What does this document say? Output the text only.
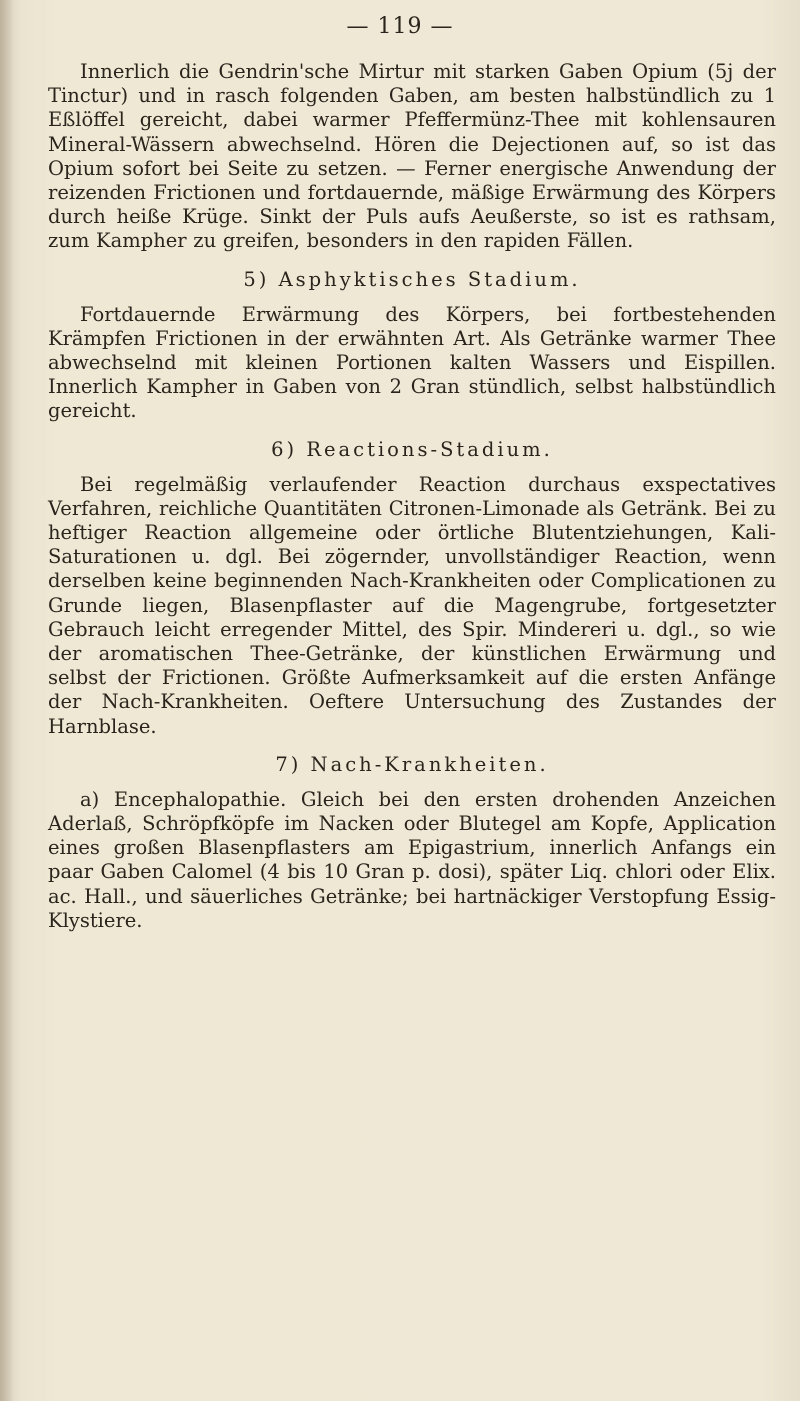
— 119 —

Innerlich die Gendrin'sche Mirtur mit starken Gaben Opium (5j der Tinctur) und in rasch folgenden Gaben, am besten halbstündlich zu 1 Eßlöffel gereicht, dabei warmer Pfeffermünz-Thee mit kohlensauren Mineral-Wässern abwechselnd. Hören die Dejectionen auf, so ist das Opium sofort bei Seite zu setzen. — Ferner energische Anwendung der reizenden Frictionen und fortdauernde, mäßige Erwärmung des Körpers durch heiße Krüge. Sinkt der Puls aufs Aeußerste, so ist es rathsam, zum Kampher zu greifen, besonders in den rapiden Fällen.

5) Asphyktisches Stadium.

Fortdauernde Erwärmung des Körpers, bei fortbestehenden Krämpfen Frictionen in der erwähnten Art. Als Getränke warmer Thee abwechselnd mit kleinen Portionen kalten Wassers und Eispillen. Innerlich Kampher in Gaben von 2 Gran stündlich, selbst halbstündlich gereicht.

6) Reactions-Stadium.

Bei regelmäßig verlaufender Reaction durchaus exspectatives Verfahren, reichliche Quantitäten Citronen-Limonade als Getränk. Bei zu heftiger Reaction allgemeine oder örtliche Blutentziehungen, Kali-Saturationen u. dgl. Bei zögernder, unvollständiger Reaction, wenn derselben keine beginnenden Nach-Krankheiten oder Complicationen zu Grunde liegen, Blasenpflaster auf die Magengrube, fortgesetzter Gebrauch leicht erregender Mittel, des Spir. Mindereri u. dgl., so wie der aromatischen Thee-Getränke, der künstlichen Erwärmung und selbst der Frictionen. Größte Aufmerksamkeit auf die ersten Anfänge der Nach-Krankheiten. Oeftere Untersuchung des Zustandes der Harnblase.

7) Nach-Krankheiten.

a) Encephalopathie. Gleich bei den ersten drohenden Anzeichen Aderlaß, Schröpfköpfe im Nacken oder Blutegel am Kopfe, Application eines großen Blasenpflasters am Epigastrium, innerlich Anfangs ein paar Gaben Calomel (4 bis 10 Gran p. dosi), später Liq. chlori oder Elix. ac. Hall., und säuerliches Getränke; bei hartnäckiger Verstopfung Essig-Klystiere.
